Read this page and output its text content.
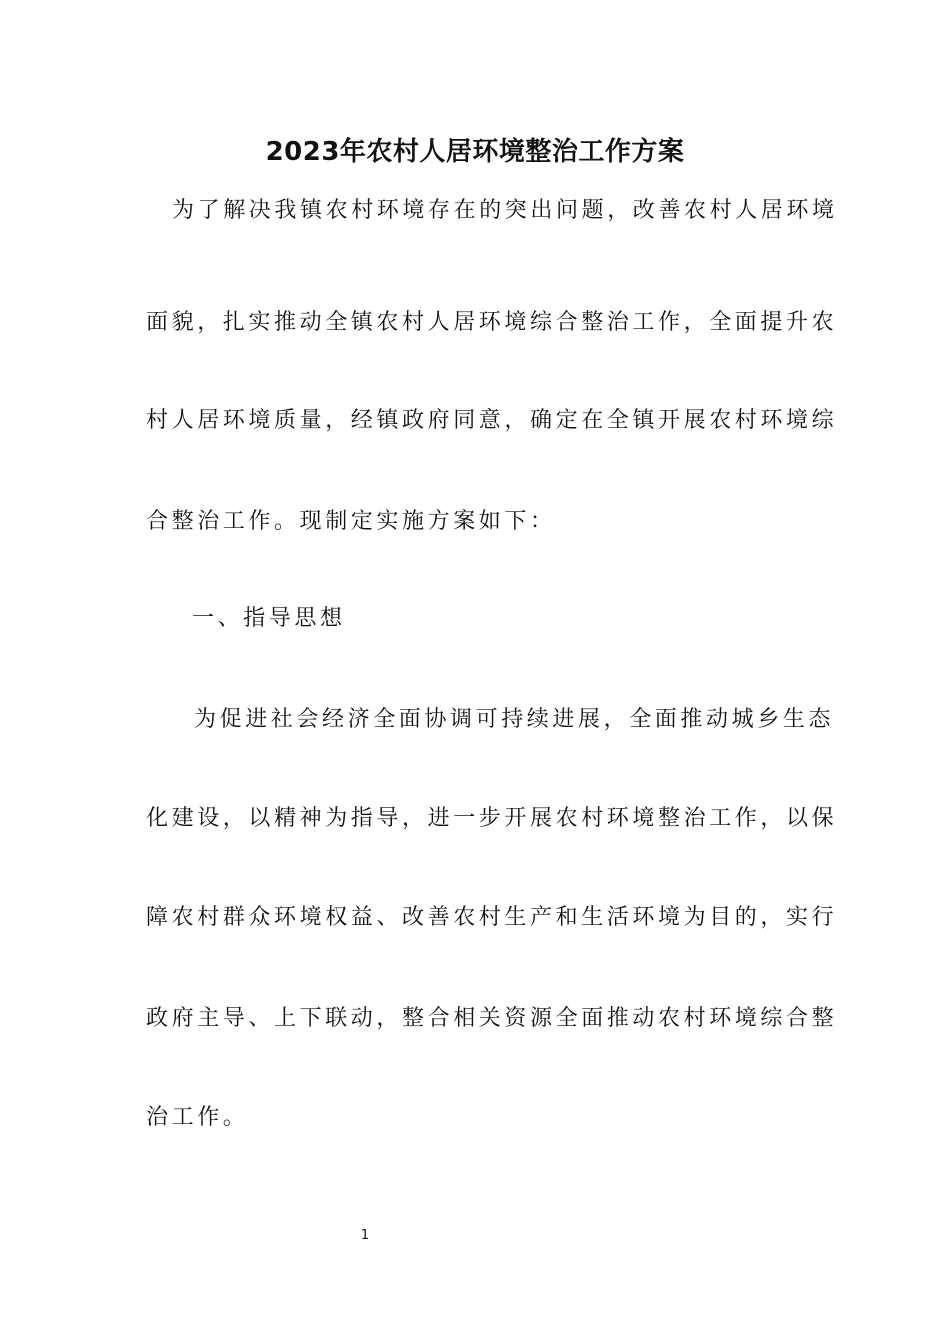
2023年农村人居环境整治工作方案
为了解决我镇农村环境存在的突出问题，改善农村人居环境
面貌，扎实推动全镇农村人居环境综合整治工作，全面提升农
村人居环境质量，经镇政府同意，确定在全镇开展农村环境综
合整治工作。现制定实施方案如下：
一、指导思想
为促进社会经济全面协调可持续进展，全面推动城乡生态
化建设，以精神为指导，进一步开展农村环境整治工作，以保
障农村群众环境权益、改善农村生产和生活环境为目的，实行
政府主导、上下联动，整合相关资源全面推动农村环境综合整
治工作。
1
